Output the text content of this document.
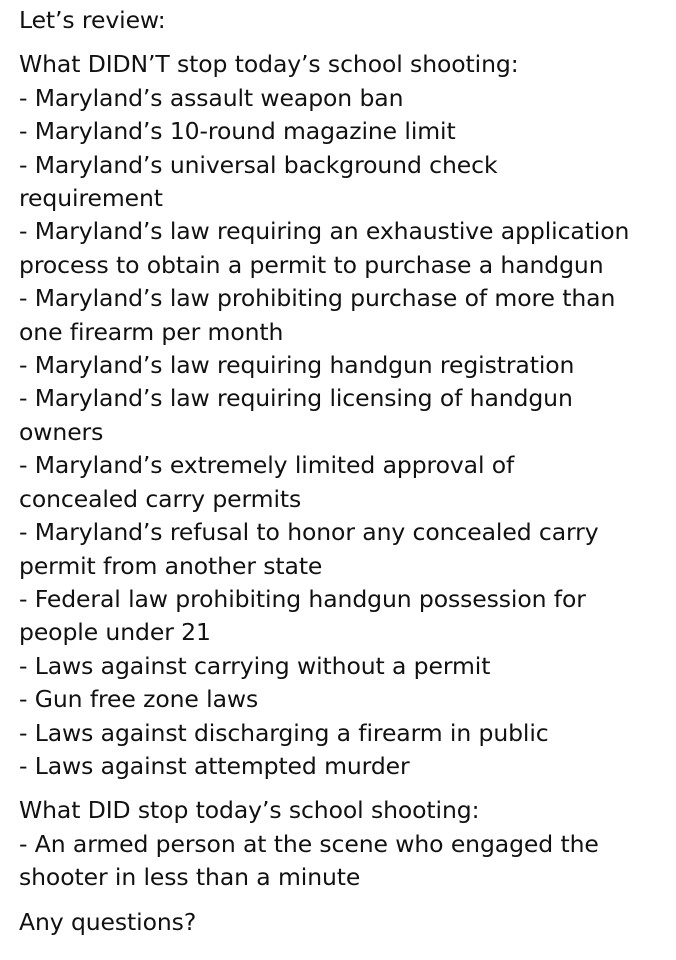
Let’s review:
What DIDN’T stop today’s school shooting:
- Maryland’s assault weapon ban
- Maryland’s 10-round magazine limit
- Maryland’s universal background check
requirement
- Maryland’s law requiring an exhaustive application
process to obtain a permit to purchase a handgun
- Maryland’s law prohibiting purchase of more than
one firearm per month
- Maryland’s law requiring handgun registration
- Maryland’s law requiring licensing of handgun
owners
- Maryland’s extremely limited approval of
concealed carry permits
- Maryland’s refusal to honor any concealed carry
permit from another state
- Federal law prohibiting handgun possession for
people under 21
- Laws against carrying without a permit
- Gun free zone laws
- Laws against discharging a firearm in public
- Laws against attempted murder
What DID stop today’s school shooting:
- An armed person at the scene who engaged the
shooter in less than a minute
Any questions?
